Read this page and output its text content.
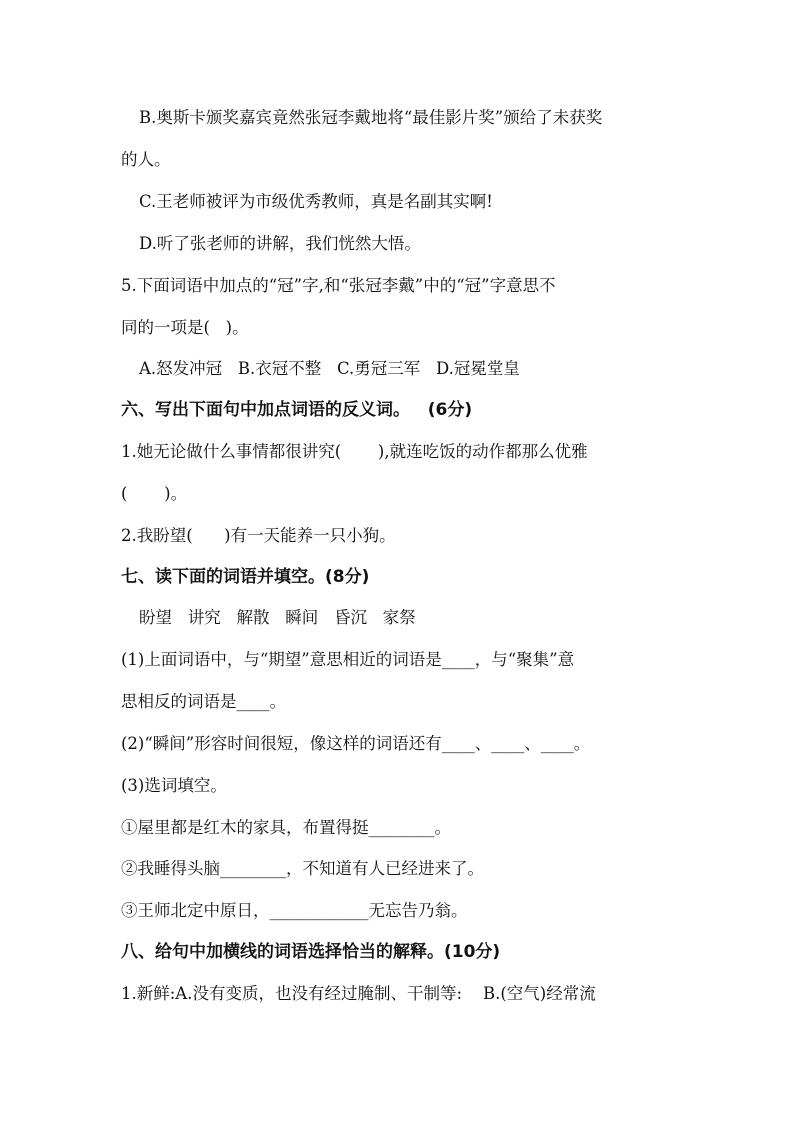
B.奥斯卡颁奖嘉宾竟然张冠李戴地将“最佳影片奖”颁给了未获奖
的人。
C.王老师被评为市级优秀教师，真是名副其实啊!
D.听了张老师的讲解，我们恍然大悟。
5.下面词语中加点的“冠”字,和“张冠李戴”中的“冠”字意思不
同的一项是(   )。
A.怒发冲冠   B.衣冠不整   C.勇冠三军   D.冠冕堂皇
六、写出下面句中加点词语的反义词。   (6分)
1.她无论做什么事情都很讲究(       ),就连吃饭的动作都那么优雅
(       )。
2.我盼望(      )有一天能养一只小狗。
七、读下面的词语并填空。(8分)
盼望   讲究   解散   瞬间   昏沉   家祭
(1)上面词语中，与“期望”意思相近的词语是____，与“聚集”意
思相反的词语是____。
(2)“瞬间”形容时间很短，像这样的词语还有____、____、____。
(3)选词填空。
①屋里都是红木的家具，布置得挺________。
②我睡得头脑________，不知道有人已经进来了。
③王师北定中原日，____________无忘告乃翁。
八、给句中加横线的词语选择恰当的解释。(10分)
1.新鲜:A.没有变质，也没有经过腌制、干制等:    B.(空气)经常流
